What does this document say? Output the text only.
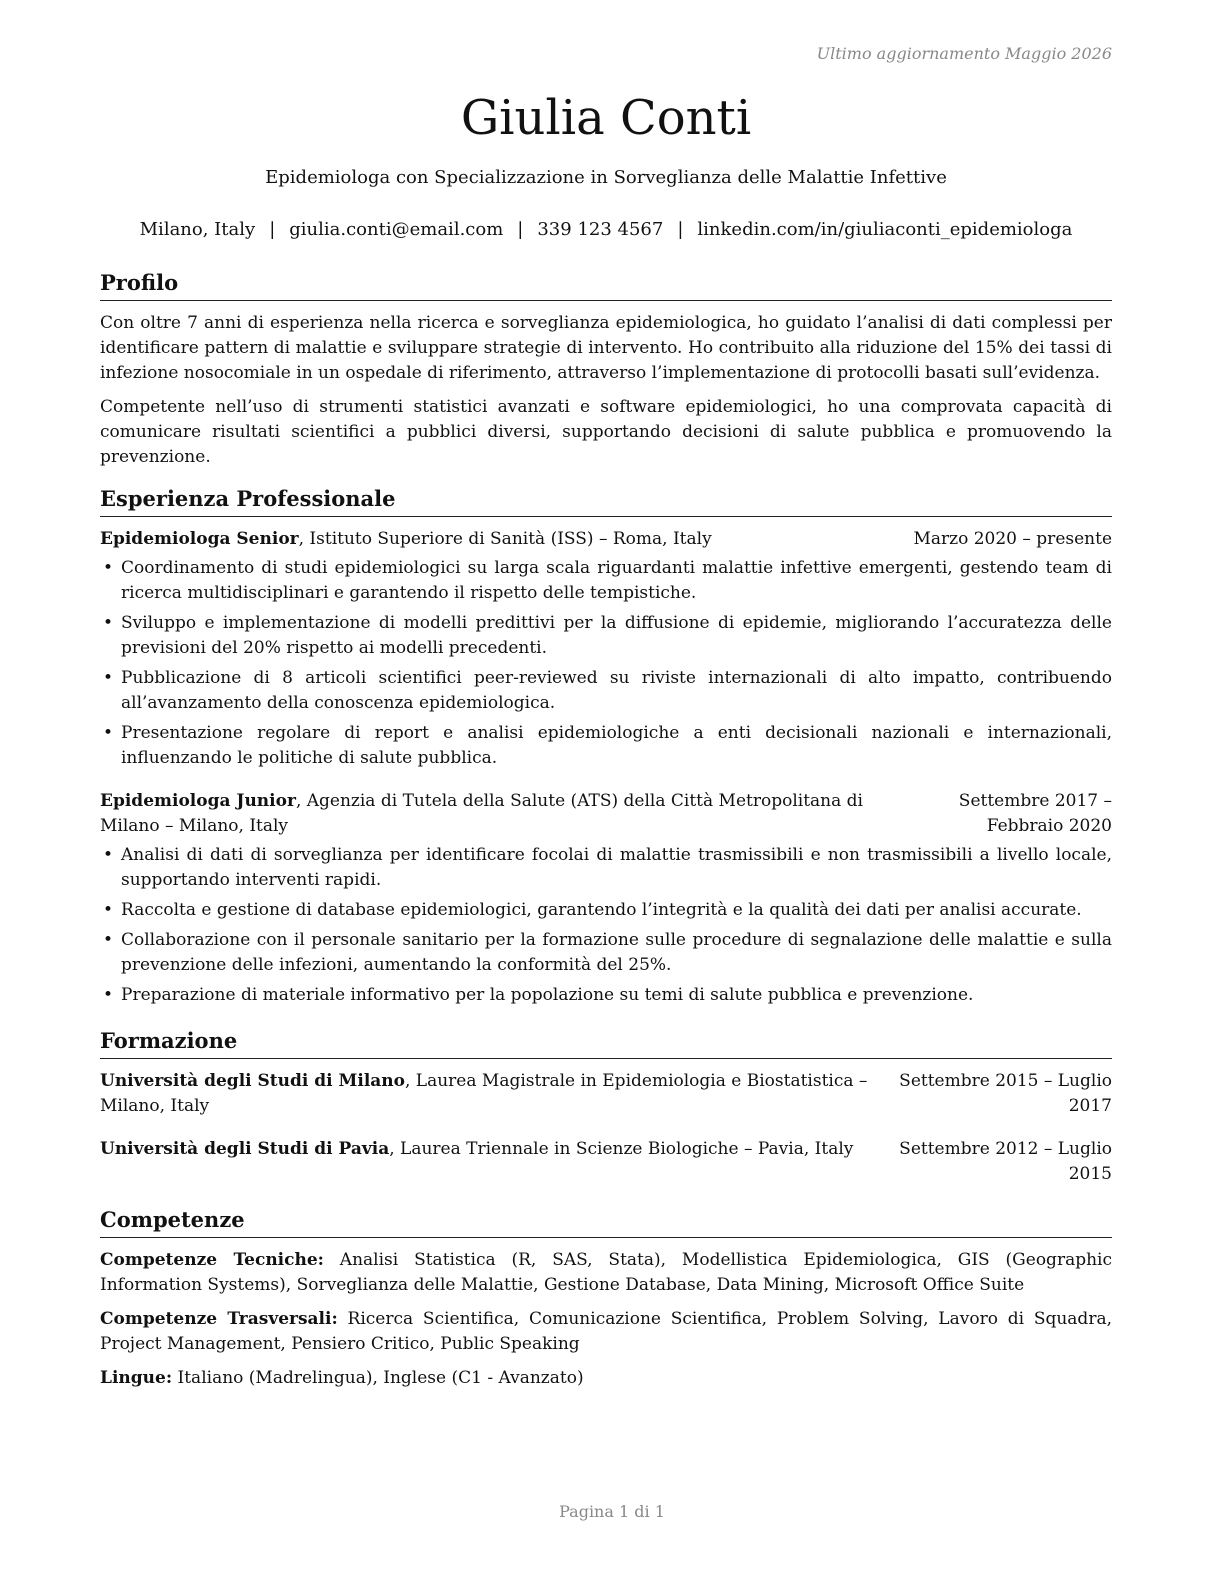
Ultimo aggiornamento Maggio 2026
Giulia Conti
Epidemiologa con Specializzazione in Sorveglianza delle Malattie Infettive
Milano, Italy | giulia.conti@email.com | 339 123 4567 | linkedin.com/in/giuliaconti_epidemiologa
Profilo

Con oltre 7 anni di esperienza nella ricerca e sorveglianza epidemiologica, ho guidato l’analisi di dati complessi per identificare pattern di malattie e sviluppare strategie di intervento. Ho contribuito alla riduzione del 15% dei tassi di infezione nosocomiale in un ospedale di riferimento, attraverso l’implementazione di protocolli basati sull’evidenza.

Competente nell’uso di strumenti statistici avanzati e software epidemiologici, ho una comprovata capacità di comunicare risultati scientifici a pubblici diversi, supportando decisioni di salute pubblica e promuovendo la prevenzione.

Esperienza Professionale
Epidemiologa Senior, Istituto Superiore di Sanità (ISS) – Roma, Italy	Marzo 2020 – presente
• Coordinamento di studi epidemiologici su larga scala riguardanti malattie infettive emergenti, gestendo team di ricerca multidisciplinari e garantendo il rispetto delle tempistiche.
• Sviluppo e implementazione di modelli predittivi per la diffusione di epidemie, migliorando l’accuratezza delle previsioni del 20% rispetto ai modelli precedenti.
• Pubblicazione di 8 articoli scientifici peer-reviewed su riviste internazionali di alto impatto, contribuendo all’avanzamento della conoscenza epidemiologica.
• Presentazione regolare di report e analisi epidemiologiche a enti decisionali nazionali e internazionali, influenzando le politiche di salute pubblica.
Epidemiologa Junior, Agenzia di Tutela della Salute (ATS) della Città Metropolitana di Milano – Milano, Italy
Settembre 2017 – Febbraio 2020
• Analisi di dati di sorveglianza per identificare focolai di malattie trasmissibili e non trasmissibili a livello locale, supportando interventi rapidi.
• Raccolta e gestione di database epidemiologici, garantendo l’integrità e la qualità dei dati per analisi accurate.
• Collaborazione con il personale sanitario per la formazione sulle procedure di segnalazione delle malattie e sulla prevenzione delle infezioni, aumentando la conformità del 25%.
• Preparazione di materiale informativo per la popolazione su temi di salute pubblica e prevenzione.
Formazione
Università degli Studi di Milano, Laurea Magistrale in Epidemiologia e Biostatistica – Milano, Italy
Settembre 2015 – Luglio 2017
Università degli Studi di Pavia, Laurea Triennale in Scienze Biologiche – Pavia, Italy	Settembre 2012 – Luglio 2015
Competenze

Competenze Tecniche: Analisi Statistica (R, SAS, Stata), Modellistica Epidemiologica, GIS (Geographic Information Systems), Sorveglianza delle Malattie, Gestione Database, Data Mining, Microsoft Office Suite

Competenze Trasversali: Ricerca Scientifica, Comunicazione Scientifica, Problem Solving, Lavoro di Squadra, Project Management, Pensiero Critico, Public Speaking

Lingue: Italiano (Madrelingua), Inglese (C1 - Avanzato)

Pagina 1 di 1
